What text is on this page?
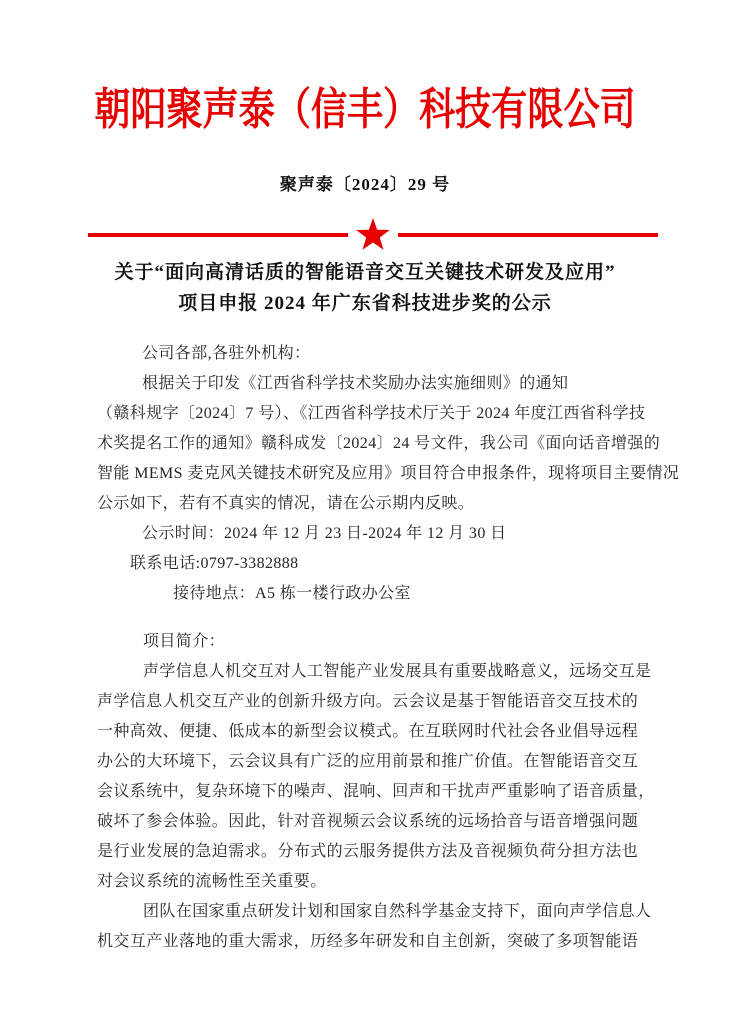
朝阳聚声泰（信丰）科技有限公司
聚声泰〔2024〕29 号
关于“面向高清话质的智能语音交互关键技术研发及应用”
项目申报 2024 年广东省科技进步奖的公示
公司各部,各驻外机构：
根据关于印发《江西省科学技术奖励办法实施细则》的通知
（赣科规字〔2024〕7 号）、《江西省科学技术厅关于 2024 年度江西省科学技
术奖提名工作的通知》赣科成发〔2024〕24 号文件，我公司《面向话音增强的
智能 MEMS 麦克风关键技术研究及应用》项目符合申报条件，现将项目主要情况
公示如下，若有不真实的情况，请在公示期内反映。
公示时间：2024 年 12 月 23 日-2024 年 12 月 30 日
联系电话:0797-3382888
接待地点：A5 栋一楼行政办公室
项目简介：
声学信息人机交互对人工智能产业发展具有重要战略意义，远场交互是
声学信息人机交互产业的创新升级方向。云会议是基于智能语音交互技术的
一种高效、便捷、低成本的新型会议模式。在互联网时代社会各业倡导远程
办公的大环境下，云会议具有广泛的应用前景和推广价值。在智能语音交互
会议系统中，复杂环境下的噪声、混响、回声和干扰声严重影响了语音质量，
破坏了参会体验。因此，针对音视频云会议系统的远场拾音与语音增强问题
是行业发展的急迫需求。分布式的云服务提供方法及音视频负荷分担方法也
对会议系统的流畅性至关重要。
团队在国家重点研发计划和国家自然科学基金支持下，面向声学信息人
机交互产业落地的重大需求，历经多年研发和自主创新，突破了多项智能语
